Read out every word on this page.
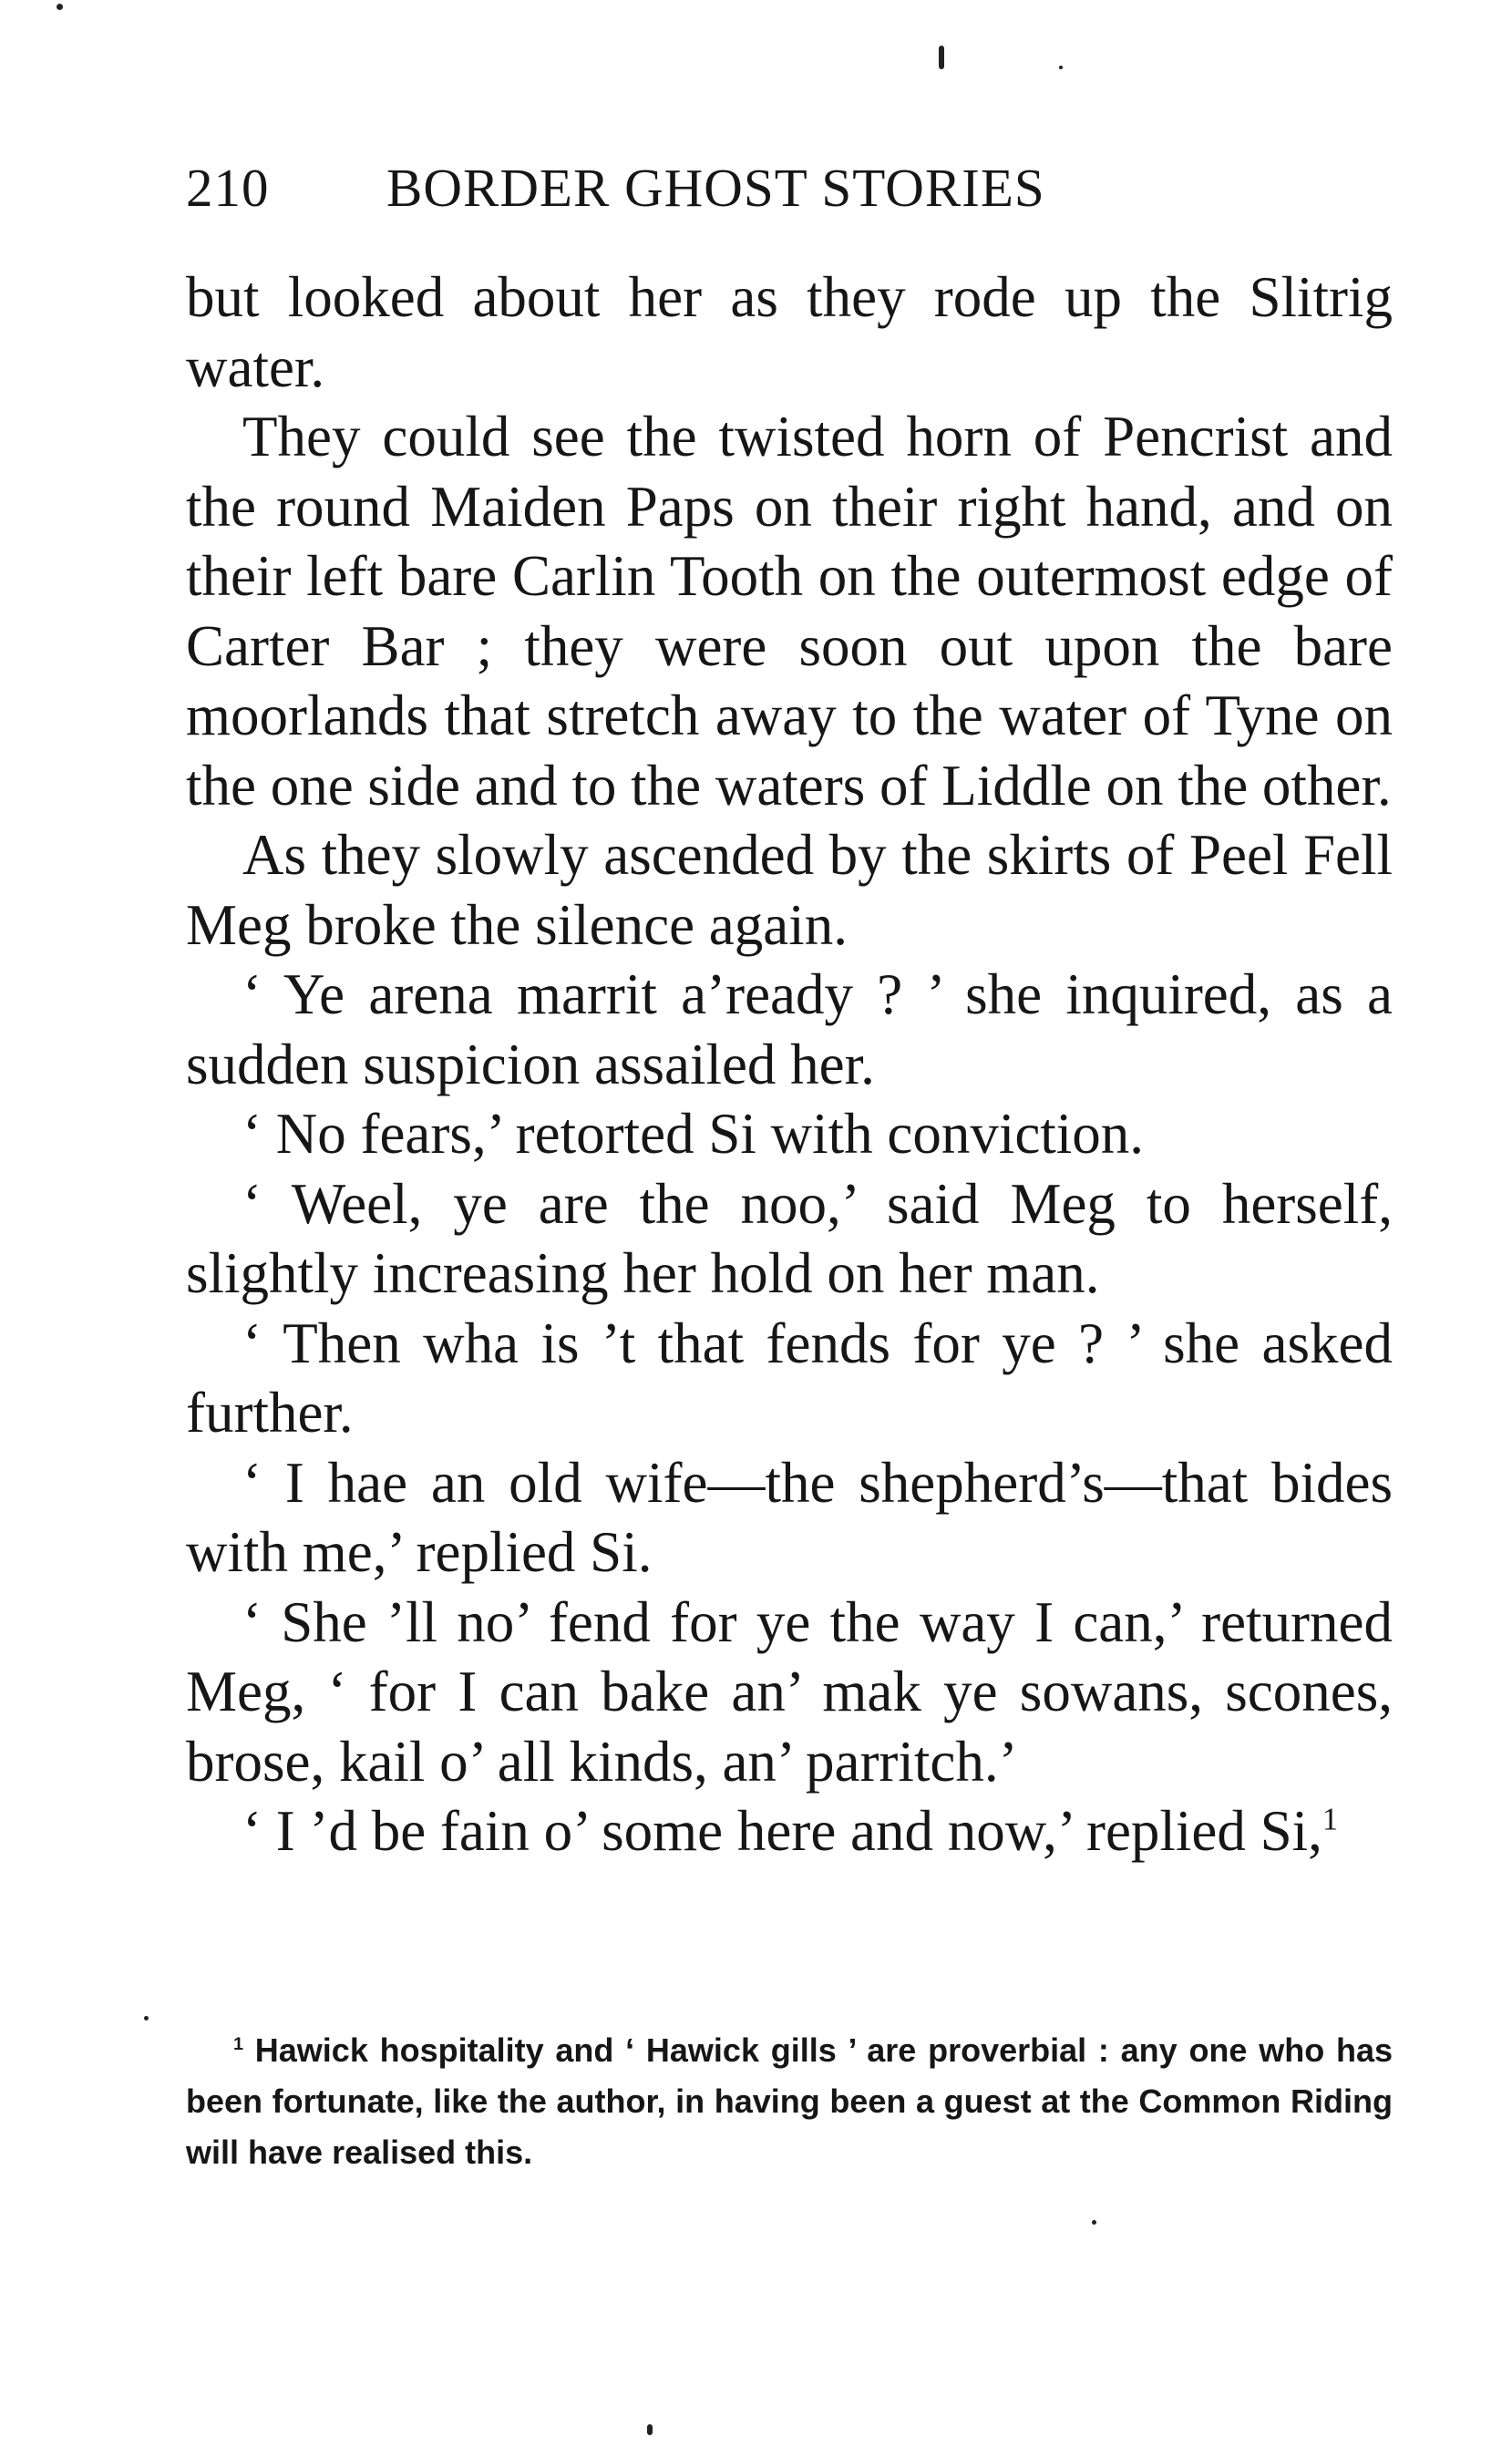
210 BORDER GHOST STORIES

but looked about her as they rode up the Slitrig water.

They could see the twisted horn of Pencrist and the round Maiden Paps on their right hand, and on their left bare Carlin Tooth on the outermost edge of Carter Bar ; they were soon out upon the bare moorlands that stretch away to the water of Tyne on the one side and to the waters of Liddle on the other.

As they slowly ascended by the skirts of Peel Fell Meg broke the silence again.

‘ Ye arena marrit a’ready ? ’ she inquired, as a sudden suspicion assailed her.

‘ No fears,’ retorted Si with conviction.

‘ Weel, ye are the noo,’ said Meg to herself, slightly increasing her hold on her man.

‘ Then wha is ’t that fends for ye ? ’ she asked further.

‘ I hae an old wife—the shepherd’s—that bides with me,’ replied Si.

‘ She ’ll no’ fend for ye the way I can,’ returned Meg, ‘ for I can bake an’ mak ye sowans, scones, brose, kail o’ all kinds, an’ parritch.’

‘ I ’d be fain o’ some here and now,’ replied Si,$^1$

$^1$ Hawick hospitality and ‘ Hawick gills ’ are proverbial : any one who has been fortunate, like the author, in having been a guest at the Common Riding will have realised this.
